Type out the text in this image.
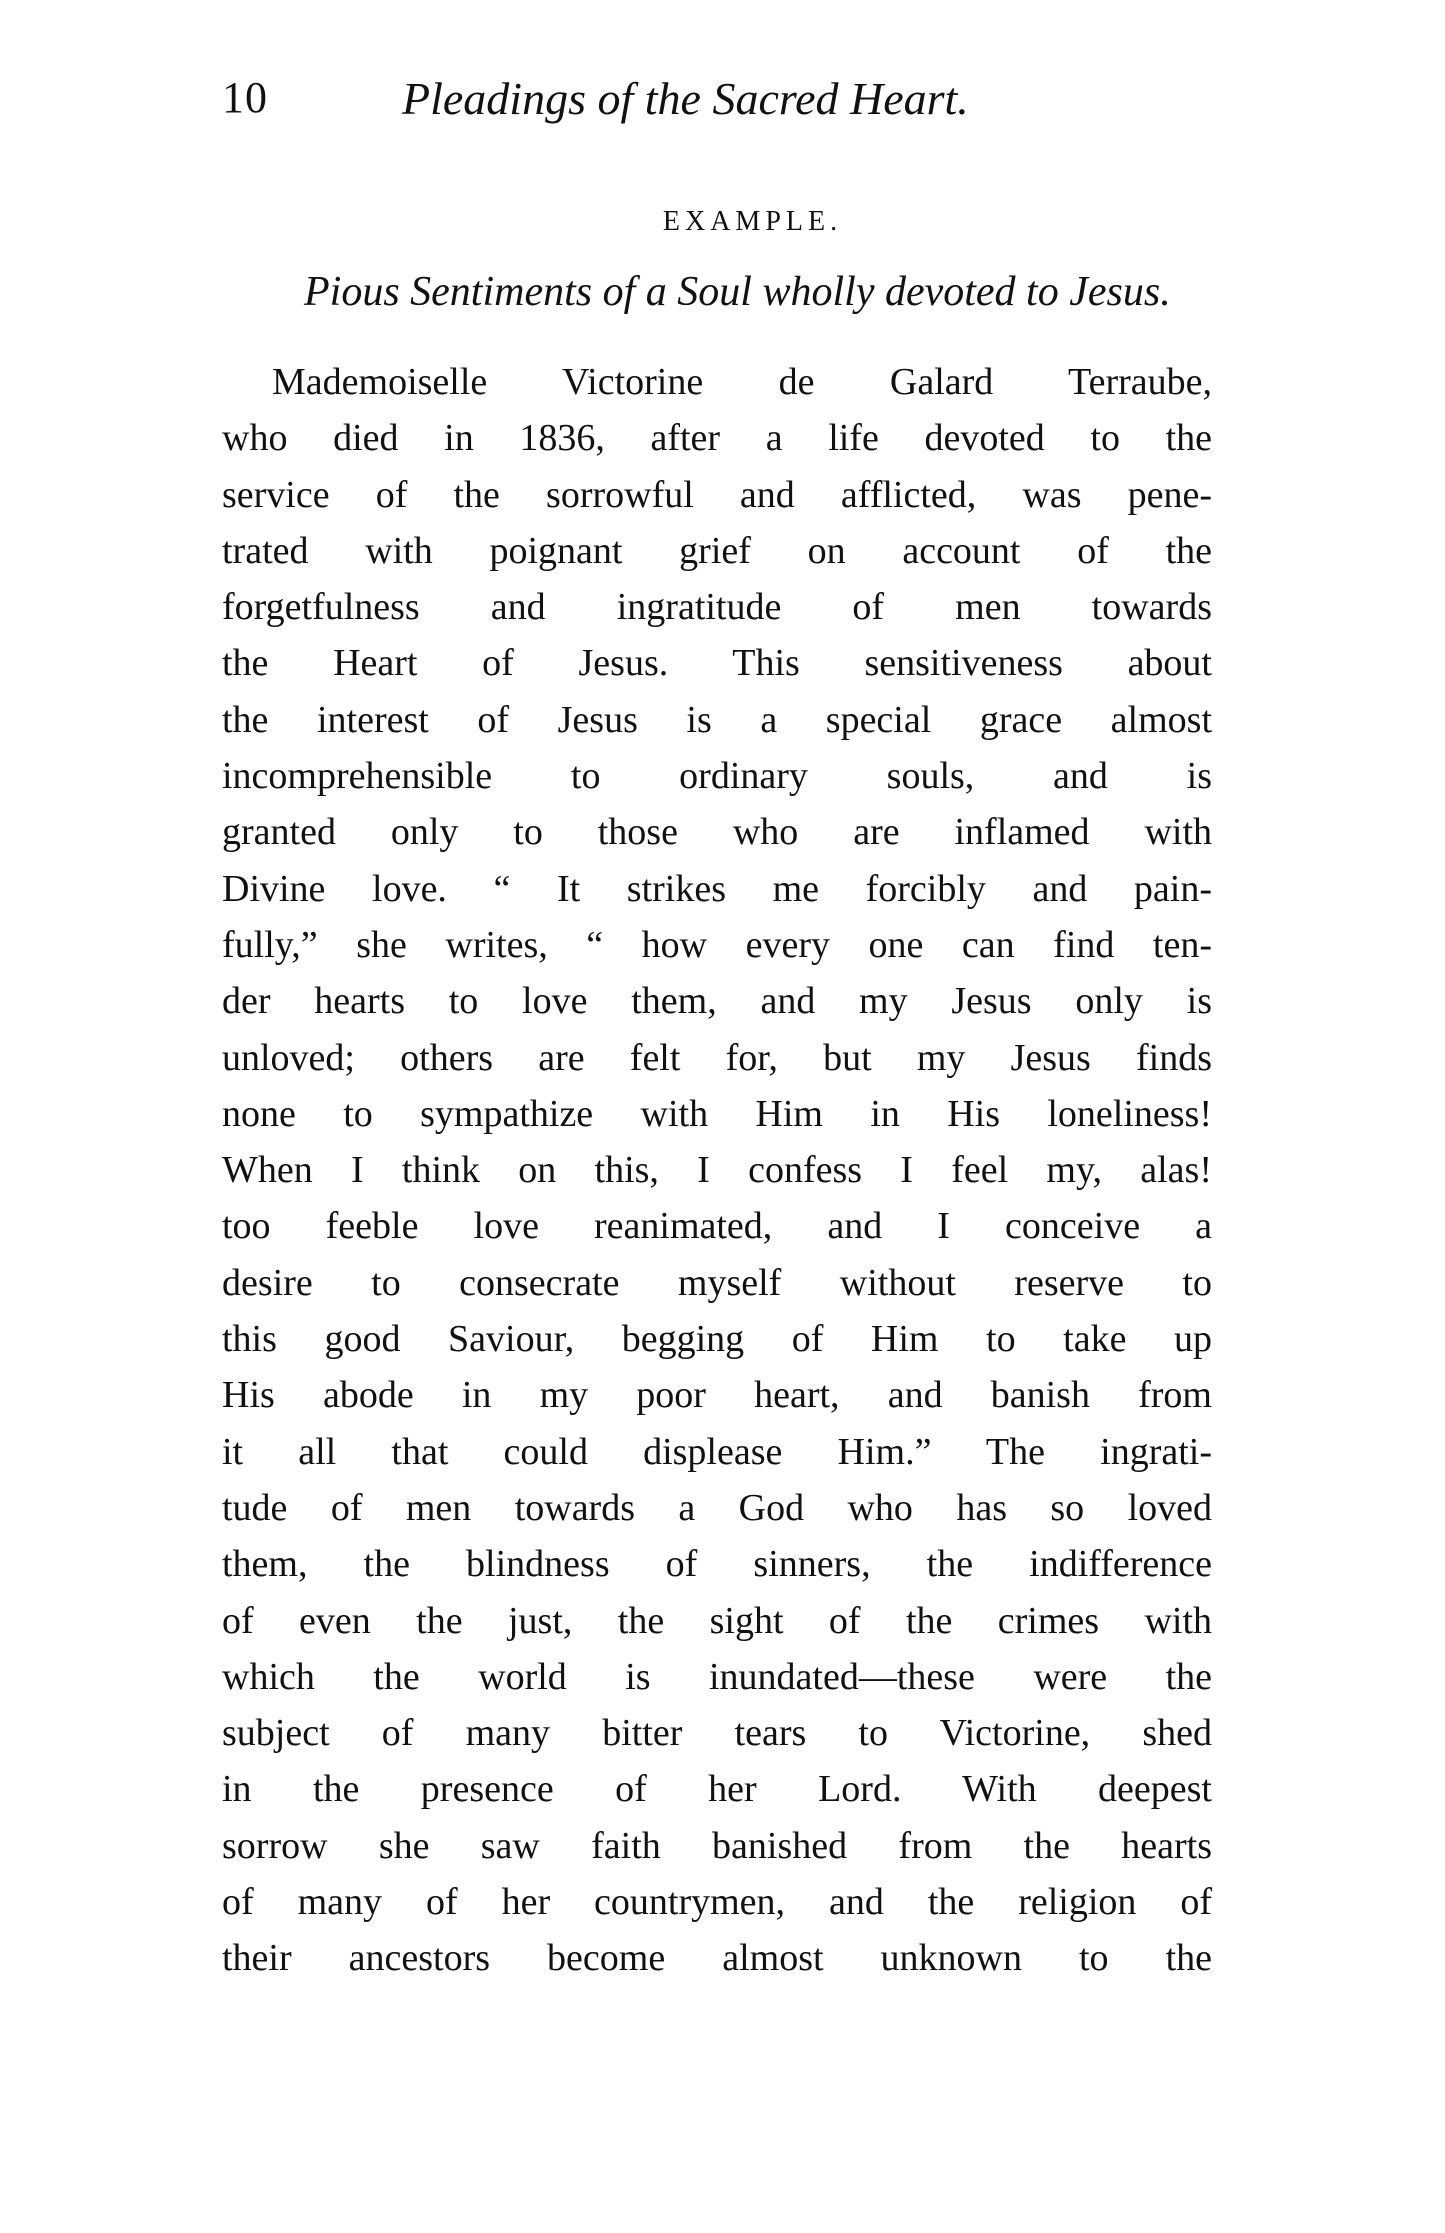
10	Pleadings of the Sacred Heart.
EXAMPLE.
Pious Sentiments of a Soul wholly devoted to Jesus.

Mademoiselle Victorine de Galard Terraube,
who died in 1836, after a life devoted to the
service of the sorrowful and afflicted, was pene-
trated with poignant grief on account of the
forgetfulness and ingratitude of men towards
the Heart of Jesus. This sensitiveness about
the interest of Jesus is a special grace almost
incomprehensible to ordinary souls, and is
granted only to those who are inflamed with
Divine love. “ It strikes me forcibly and pain-
fully,” she writes, “ how every one can find ten-
der hearts to love them, and my Jesus only is
unloved; others are felt for, but my Jesus finds
none to sympathize with Him in His loneliness!
When I think on this, I confess I feel my, alas!
too feeble love reanimated, and I conceive a
desire to consecrate myself without reserve to
this good Saviour, begging of Him to take up
His abode in my poor heart, and banish from
it all that could displease Him.” The ingrati-
tude of men towards a God who has so loved
them, the blindness of sinners, the indifference
of even the just, the sight of the crimes with
which the world is inundated—these were the
subject of many bitter tears to Victorine, shed
in the presence of her Lord. With deepest
sorrow she saw faith banished from the hearts
of many of her countrymen, and the religion of
their ancestors become almost unknown to the
